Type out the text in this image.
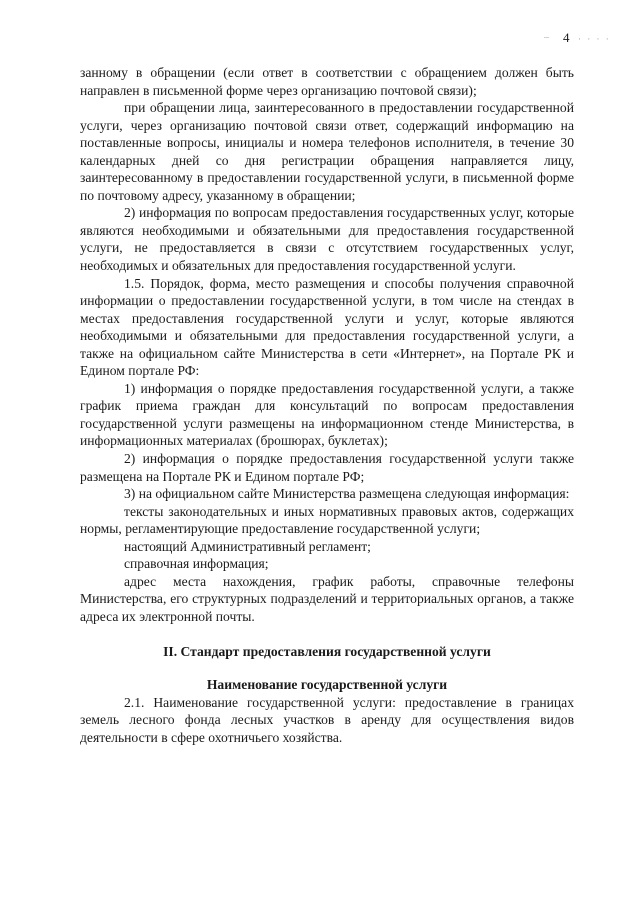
– 4 · · · ·

занному в обращении (если ответ в соответствии с обращением должен быть направлен в письменной форме через организацию почтовой связи);

при обращении лица, заинтересованного в предоставлении государственной услуги, через организацию почтовой связи ответ, содержащий информацию на поставленные вопросы, инициалы и номера телефонов исполнителя, в течение 30 календарных дней со дня регистрации обращения направляется лицу, заинтересованному в предоставлении государственной услуги, в письменной форме по почтовому адресу, указанному в обращении;

2) информация по вопросам предоставления государственных услуг, которые являются необходимыми и обязательными для предоставления государственной услуги, не предоставляется в связи с отсутствием государственных услуг, необходимых и обязательных для предоставления государственной услуги.

1.5. Порядок, форма, место размещения и способы получения справочной информации о предоставлении государственной услуги, в том числе на стендах в местах предоставления государственной услуги и услуг, которые являются необходимыми и обязательными для предоставления государственной услуги, а также на официальном сайте Министерства в сети «Интернет», на Портале РК и Едином портале РФ:

1) информация о порядке предоставления государственной услуги, а также график приема граждан для консультаций по вопросам предоставления государственной услуги размещены на информационном стенде Министерства, в информационных материалах (брошюрах, буклетах);

2) информация о порядке предоставления государственной услуги также размещена на Портале РК и Едином портале РФ;

3) на официальном сайте Министерства размещена следующая информация:

тексты законодательных и иных нормативных правовых актов, содержащих нормы, регламентирующие предоставление государственной услуги;

настоящий Административный регламент;

справочная информация;

адрес места нахождения, график работы, справочные телефоны Министерства, его структурных подразделений и территориальных органов, а также адреса их электронной почты.

II. Стандарт предоставления государственной услуги
Наименование государственной услуги

2.1. Наименование государственной услуги: предоставление в границах земель лесного фонда лесных участков в аренду для осуществления видов деятельности в сфере охотничьего хозяйства.
